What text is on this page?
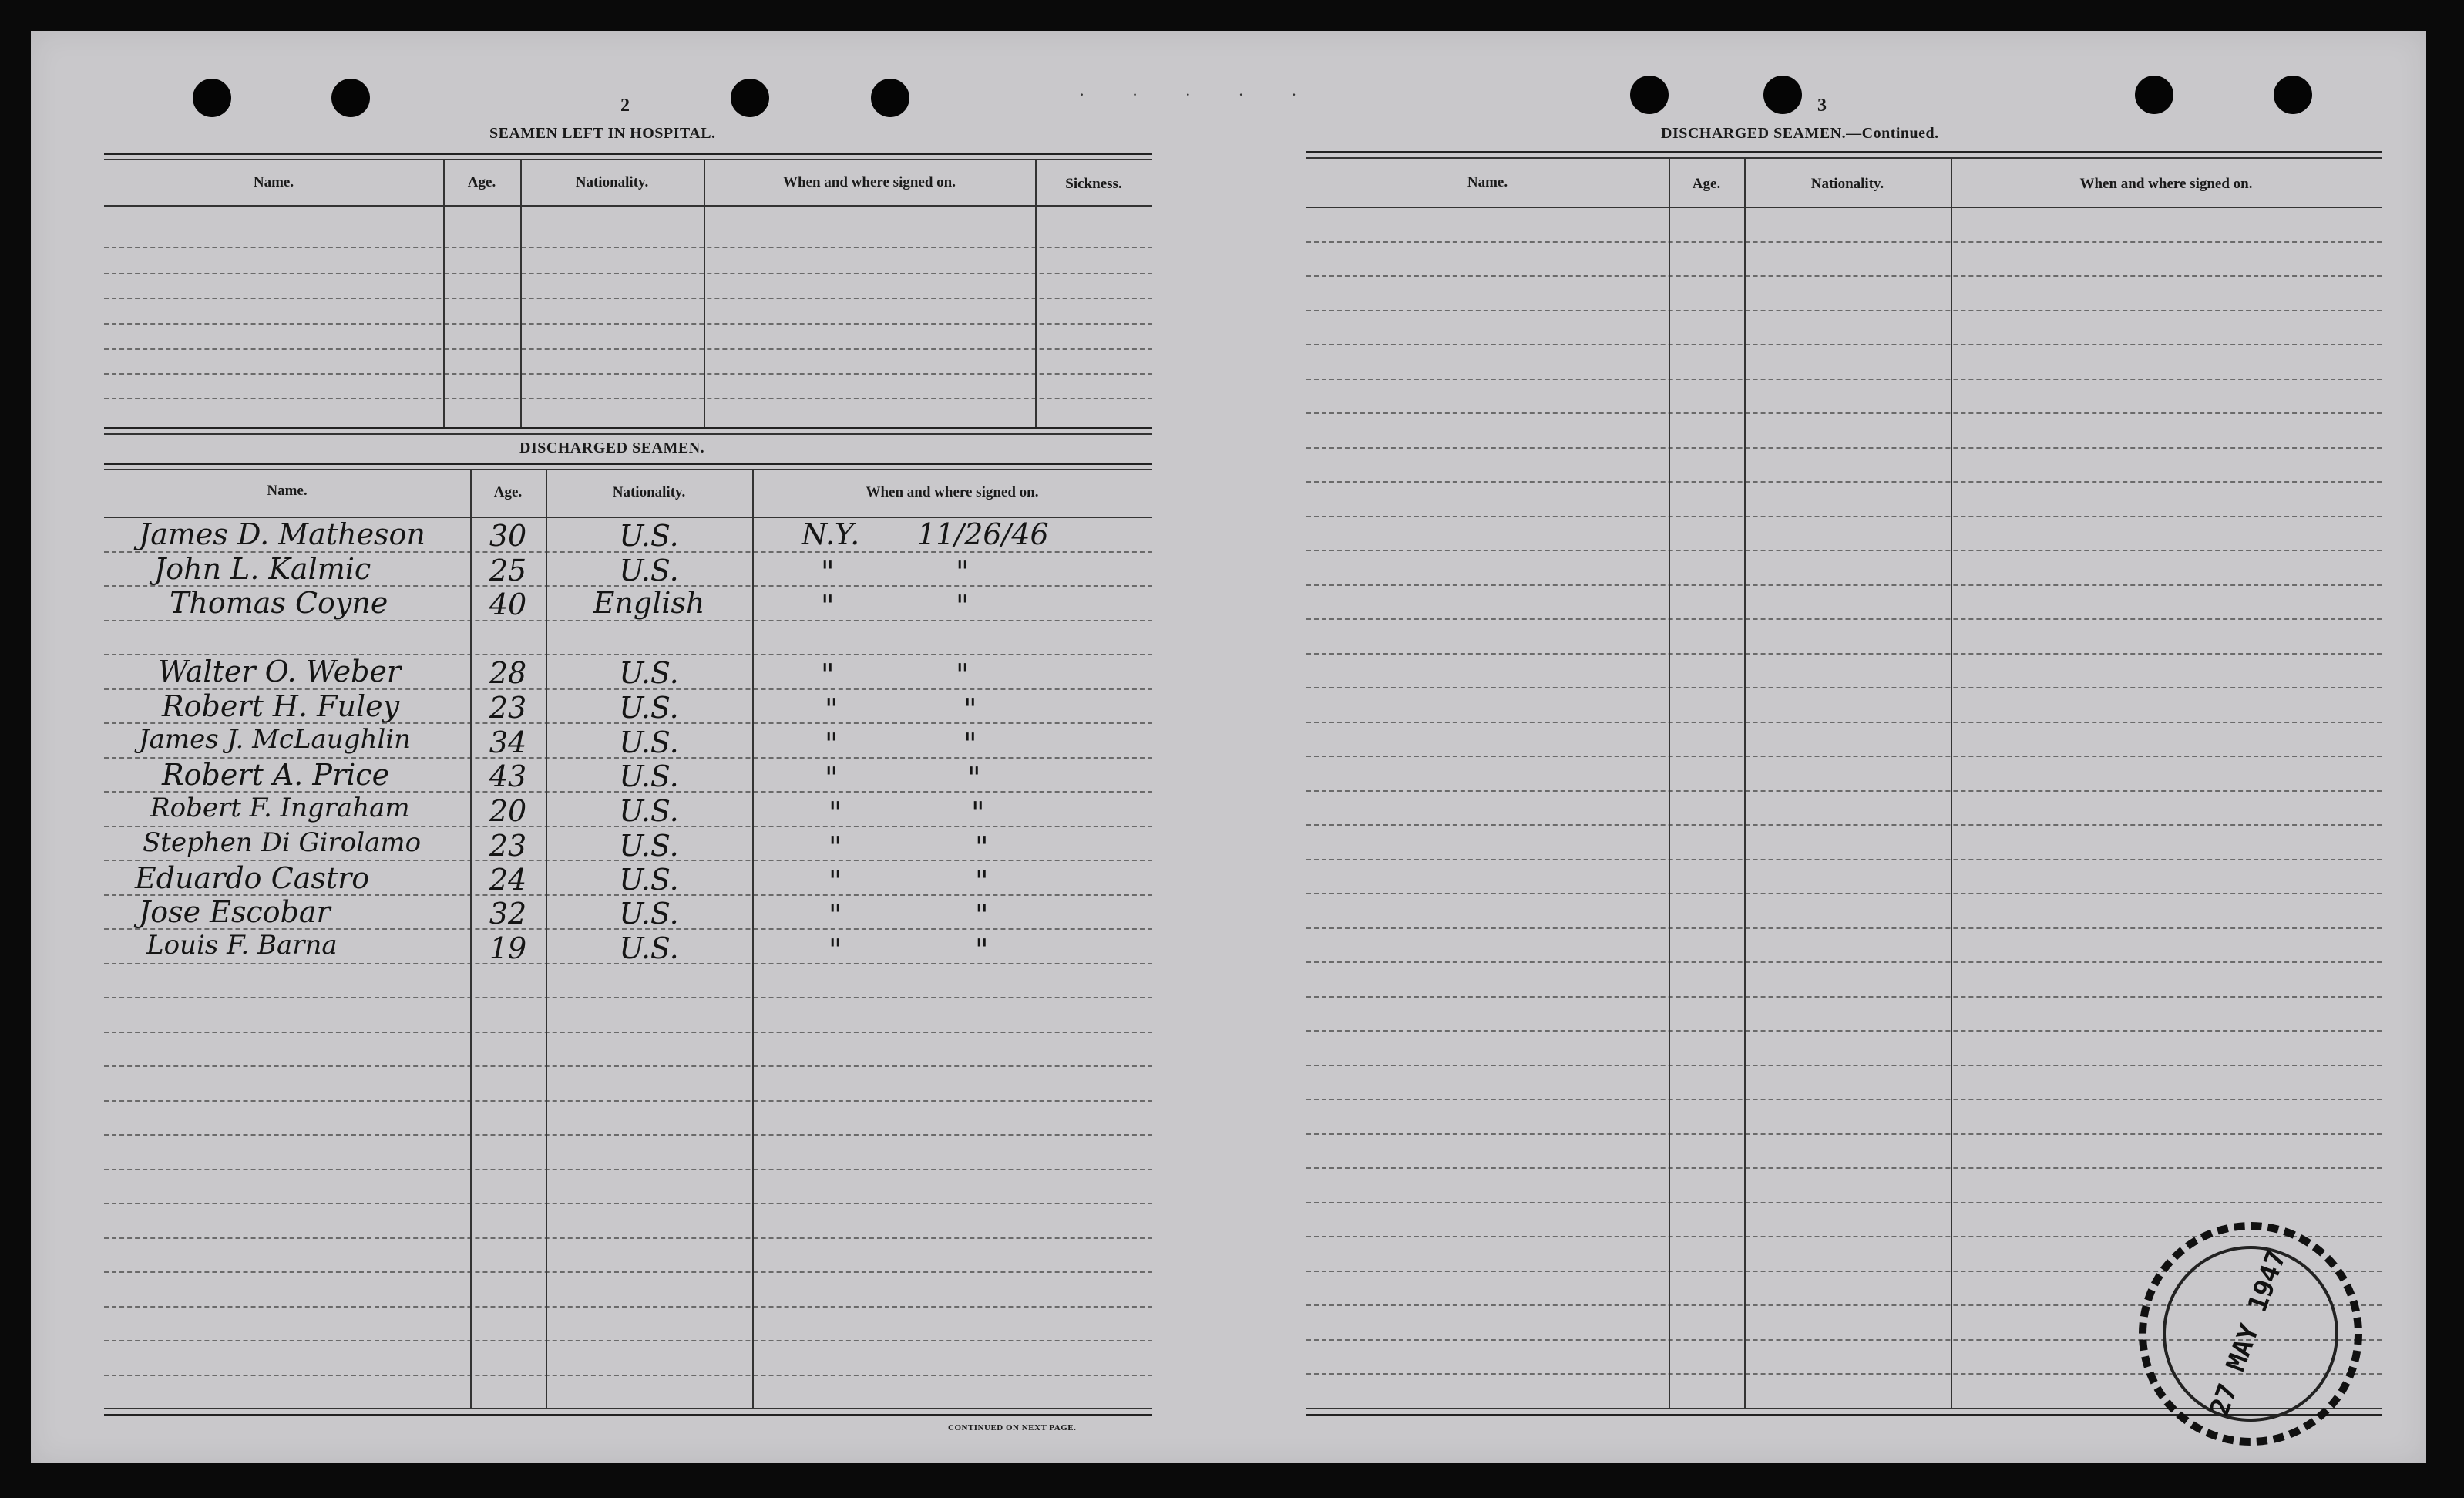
· · · · ·
2
SEAMEN LEFT IN HOSPITAL.
Name.	Age.	Nationality.	When and where signed on.	Sickness.
DISCHARGED SEAMEN.
Name.	Age.	Nationality.	When and where signed on.
James D. Matheson	30	U.S.	N.Y. 11/26/46
John L. Kalmic	25	U.S.	"	"
Thomas Coyne	40	English	"	"
Walter O. Weber	28	U.S.	"	"
Robert H. Fuley	23	U.S.	"	"
James J. McLaughlin	34	U.S.	"	"
Robert A. Price	43	U.S.	"	"
Robert F. Ingraham	20	U.S.	"	"
Stephen Di Girolamo	23	U.S.	"	"
Eduardo Castro	24	U.S.	"	"
Jose Escobar	32	U.S.	"	"
Louis F. Barna	19	U.S.	"	"
CONTINUED ON NEXT PAGE.
3
DISCHARGED SEAMEN.—Continued.
Name.	Age.	Nationality.	When and where signed on.
27 MAY 1947
